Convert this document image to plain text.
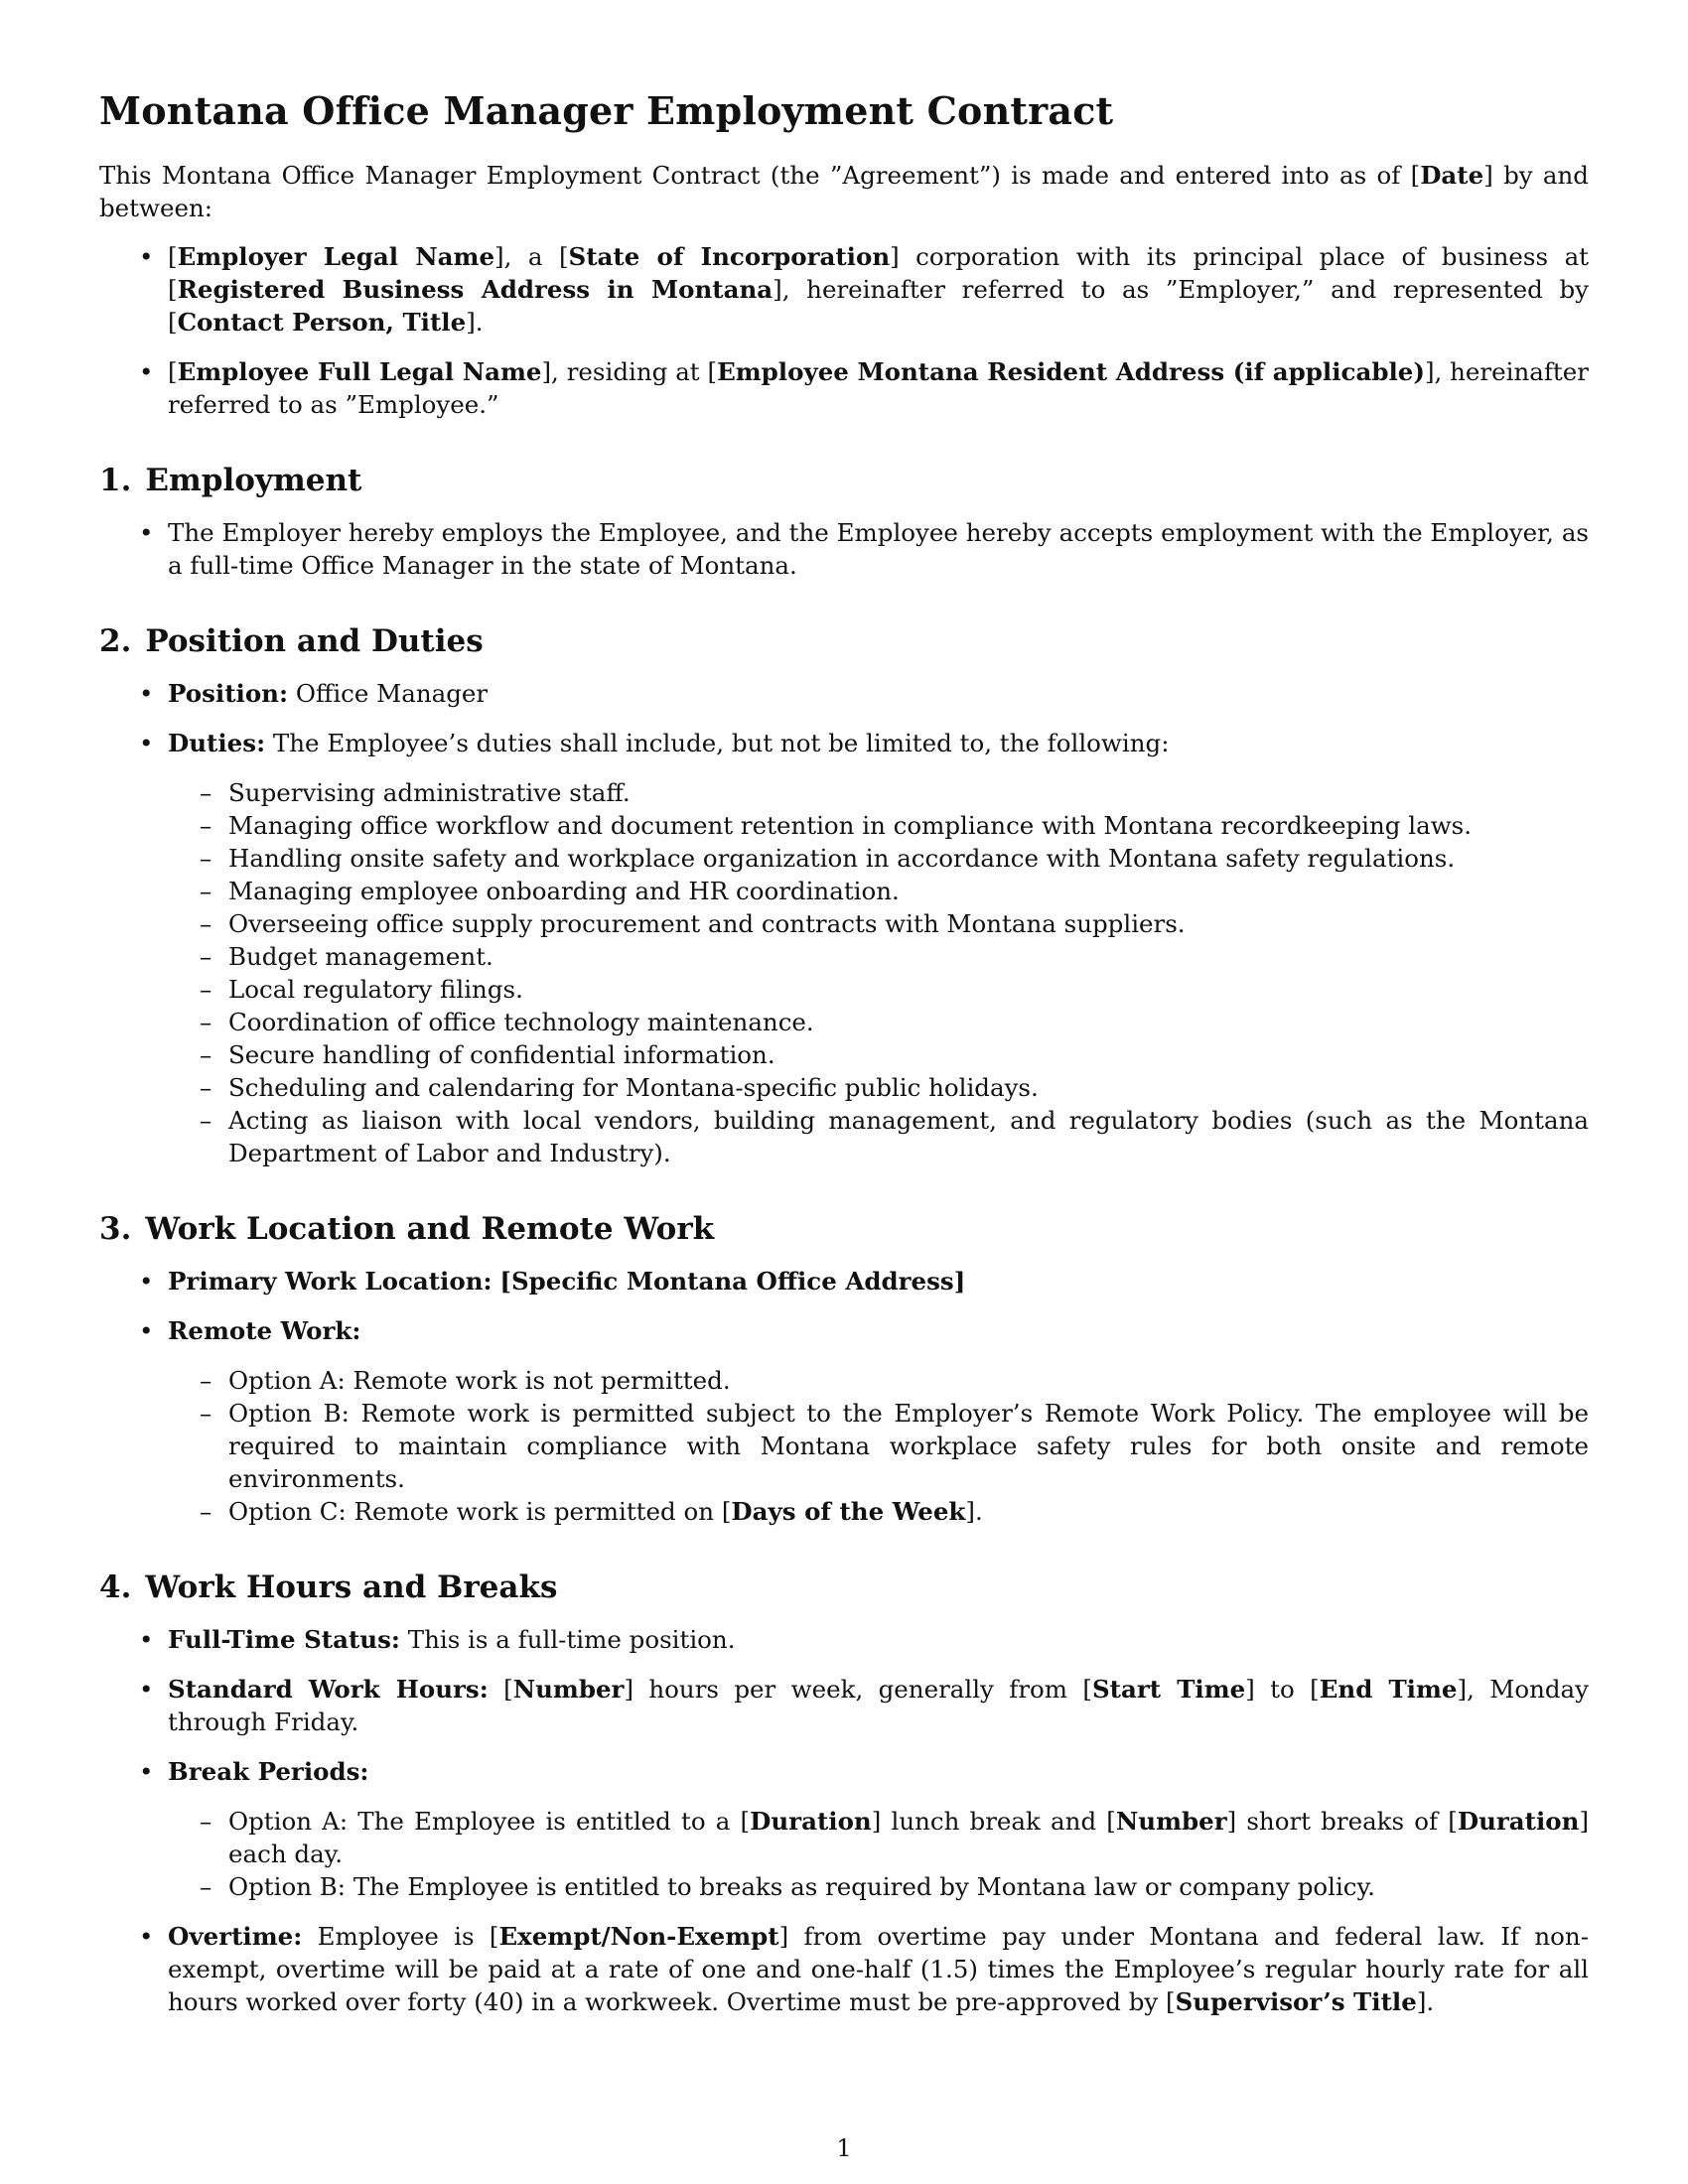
Montana Office Manager Employment Contract

This Montana Office Manager Employment Contract (the ”Agreement”) is made and entered into as of [Date] by and between:

• [Employer Legal Name], a [State of Incorporation] corporation with its principal place of business at [Registered Business Address in Montana], hereinafter referred to as ”Employer,” and represented by [Contact Person, Title].
• [Employee Full Legal Name], residing at [Employee Montana Resident Address (if applicable)], hereinafter referred to as ”Employee.”
1. Employment
• The Employer hereby employs the Employee, and the Employee hereby accepts employment with the Employer, as a full-time Office Manager in the state of Montana.
2. Position and Duties
• Position: Office Manager
• Duties: The Employee’s duties shall include, but not be limited to, the following:
– Supervising administrative staff.
– Managing office workflow and document retention in compliance with Montana recordkeeping laws.
– Handling onsite safety and workplace organization in accordance with Montana safety regulations.
– Managing employee onboarding and HR coordination.
– Overseeing office supply procurement and contracts with Montana suppliers.
– Budget management.
– Local regulatory filings.
– Coordination of office technology maintenance.
– Secure handling of confidential information.
– Scheduling and calendaring for Montana-specific public holidays.
– Acting as liaison with local vendors, building management, and regulatory bodies (such as the Montana Department of Labor and Industry).
3. Work Location and Remote Work
• Primary Work Location: [Specific Montana Office Address]
• Remote Work:
– Option A: Remote work is not permitted.
– Option B: Remote work is permitted subject to the Employer’s Remote Work Policy. The employee will be required to maintain compliance with Montana workplace safety rules for both onsite and remote environments.
– Option C: Remote work is permitted on [Days of the Week].
4. Work Hours and Breaks
• Full-Time Status: This is a full-time position.
• Standard Work Hours: [Number] hours per week, generally from [Start Time] to [End Time], Monday through Friday.
• Break Periods:
– Option A: The Employee is entitled to a [Duration] lunch break and [Number] short breaks of [Duration] each day.
– Option B: The Employee is entitled to breaks as required by Montana law or company policy.
• Overtime: Employee is [Exempt/Non-Exempt] from overtime pay under Montana and federal law. If non-exempt, overtime will be paid at a rate of one and one-half (1.5) times the Employee’s regular hourly rate for all hours worked over forty (40) in a workweek. Overtime must be pre-approved by [Supervisor’s Title].
1
